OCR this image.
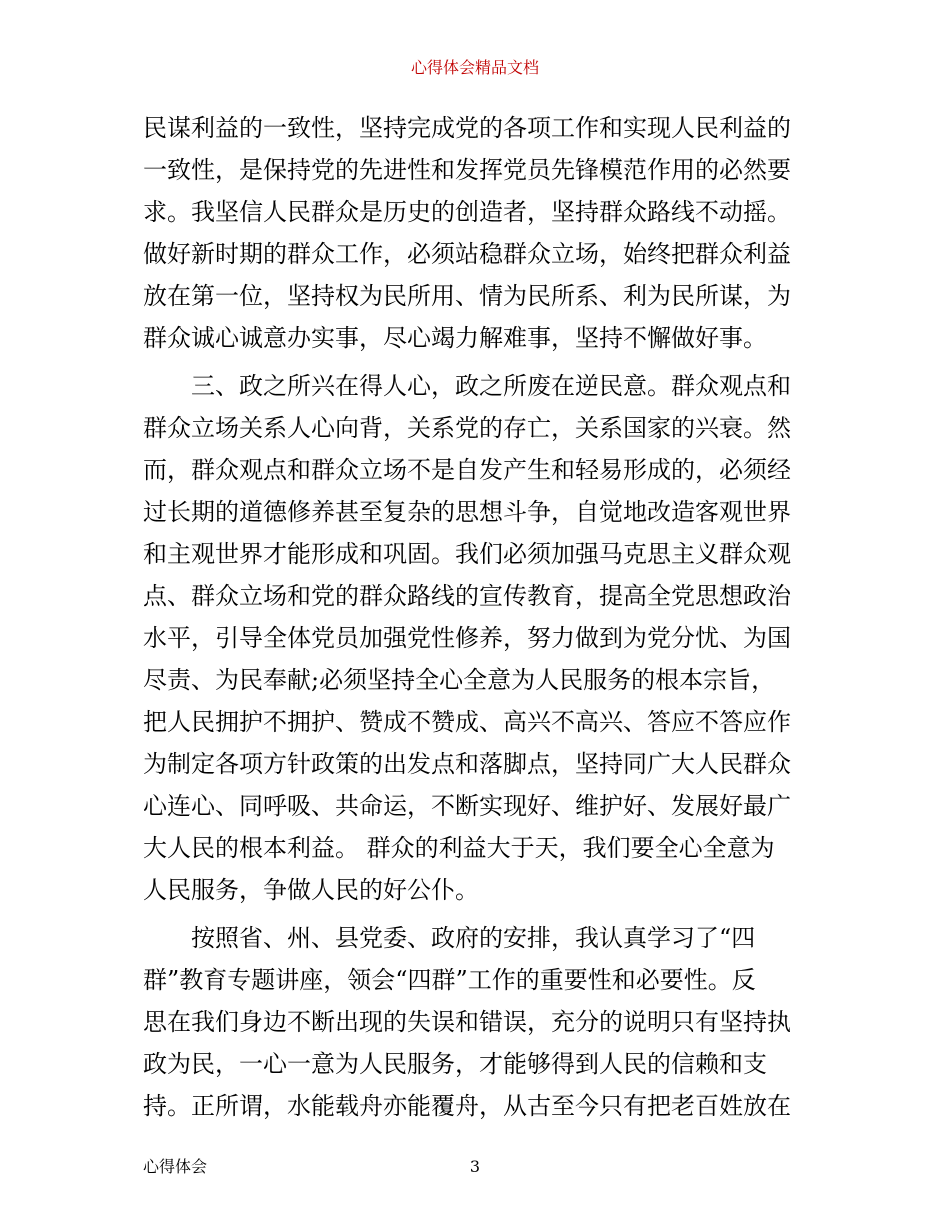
心得体会精品文档
民谋利益的一致性，坚持完成党的各项工作和实现人民利益的
一致性，是保持党的先进性和发挥党员先锋模范作用的必然要
求。我坚信人民群众是历史的创造者，坚持群众路线不动摇。
做好新时期的群众工作，必须站稳群众立场，始终把群众利益
放在第一位，坚持权为民所用、情为民所系、利为民所谋，为
群众诚心诚意办实事，尽心竭力解难事，坚持不懈做好事。
三、政之所兴在得人心，政之所废在逆民意。群众观点和
群众立场关系人心向背，关系党的存亡，关系国家的兴衰。然
而，群众观点和群众立场不是自发产生和轻易形成的，必须经
过长期的道德修养甚至复杂的思想斗争，自觉地改造客观世界
和主观世界才能形成和巩固。我们必须加强马克思主义群众观
点、群众立场和党的群众路线的宣传教育，提高全党思想政治
水平，引导全体党员加强党性修养，努力做到为党分忧、为国
尽责、为民奉献;必须坚持全心全意为人民服务的根本宗旨，
把人民拥护不拥护、赞成不赞成、高兴不高兴、答应不答应作
为制定各项方针政策的出发点和落脚点，坚持同广大人民群众
心连心、同呼吸、共命运，不断实现好、维护好、发展好最广
大人民的根本利益。 群众的利益大于天，我们要全心全意为
人民服务，争做人民的好公仆。
按照省、州、县党委、政府的安排，我认真学习了“四
群”教育专题讲座，领会“四群”工作的重要性和必要性。反
思在我们身边不断出现的失误和错误，充分的说明只有坚持执
政为民，一心一意为人民服务，才能够得到人民的信赖和支
持。正所谓，水能载舟亦能覆舟，从古至今只有把老百姓放在
心得体会	3
